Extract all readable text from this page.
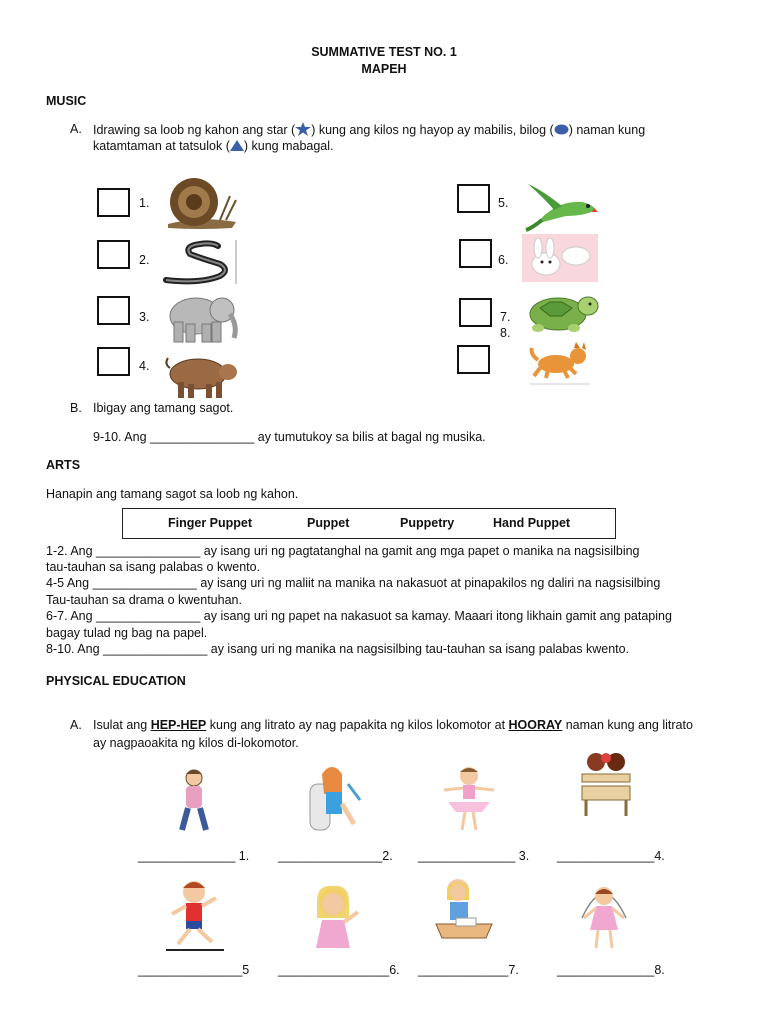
SUMMATIVE TEST NO. 1
MAPEH
MUSIC
A. Idrawing sa loob ng kahon ang star ( ) kung ang kilos ng hayop ay mabilis, bilog ( ) naman kung
katamtaman at tatsulok ( ) kung mabagal.
1.
2.
3.
4.
5.
6.
7.
8.
B. Ibigay ang tamang sagot.
9-10. Ang _______________ ay tumutukoy sa bilis at bagal ng musika.
ARTS
Hanapin ang tamang sagot sa loob ng kahon.
Finger Puppet	Puppet	Puppetry	Hand Puppet
1-2. Ang _______________ ay isang uri ng pagtatanghal na gamit ang mga papet o manika na nagsisilbing
tau-tauhan sa isang palabas o kwento.
4-5 Ang _______________ ay isang uri ng maliit na manika na nakasuot at pinapakilos ng daliri na nagsisilbing
Tau-tauhan sa drama o kwentuhan.
6-7. Ang _______________ ay isang uri ng papet na nakasuot sa kamay. Maaari itong likhain gamit ang pataping
bagay tulad ng bag na papel.
8-10. Ang _______________ ay isang uri ng manika na nagsisilbing tau-tauhan sa isang palabas kwento.
PHYSICAL EDUCATION
A. Isulat ang HEP-HEP kung ang litrato ay nag papakita ng kilos lokomotor at HOORAY naman kung ang litrato
ay nagpaoakita ng kilos di-lokomotor.
______________ 1. _______________2. ______________ 3. ______________4.
_______________5 ________________6. _____________7.	______________8.
